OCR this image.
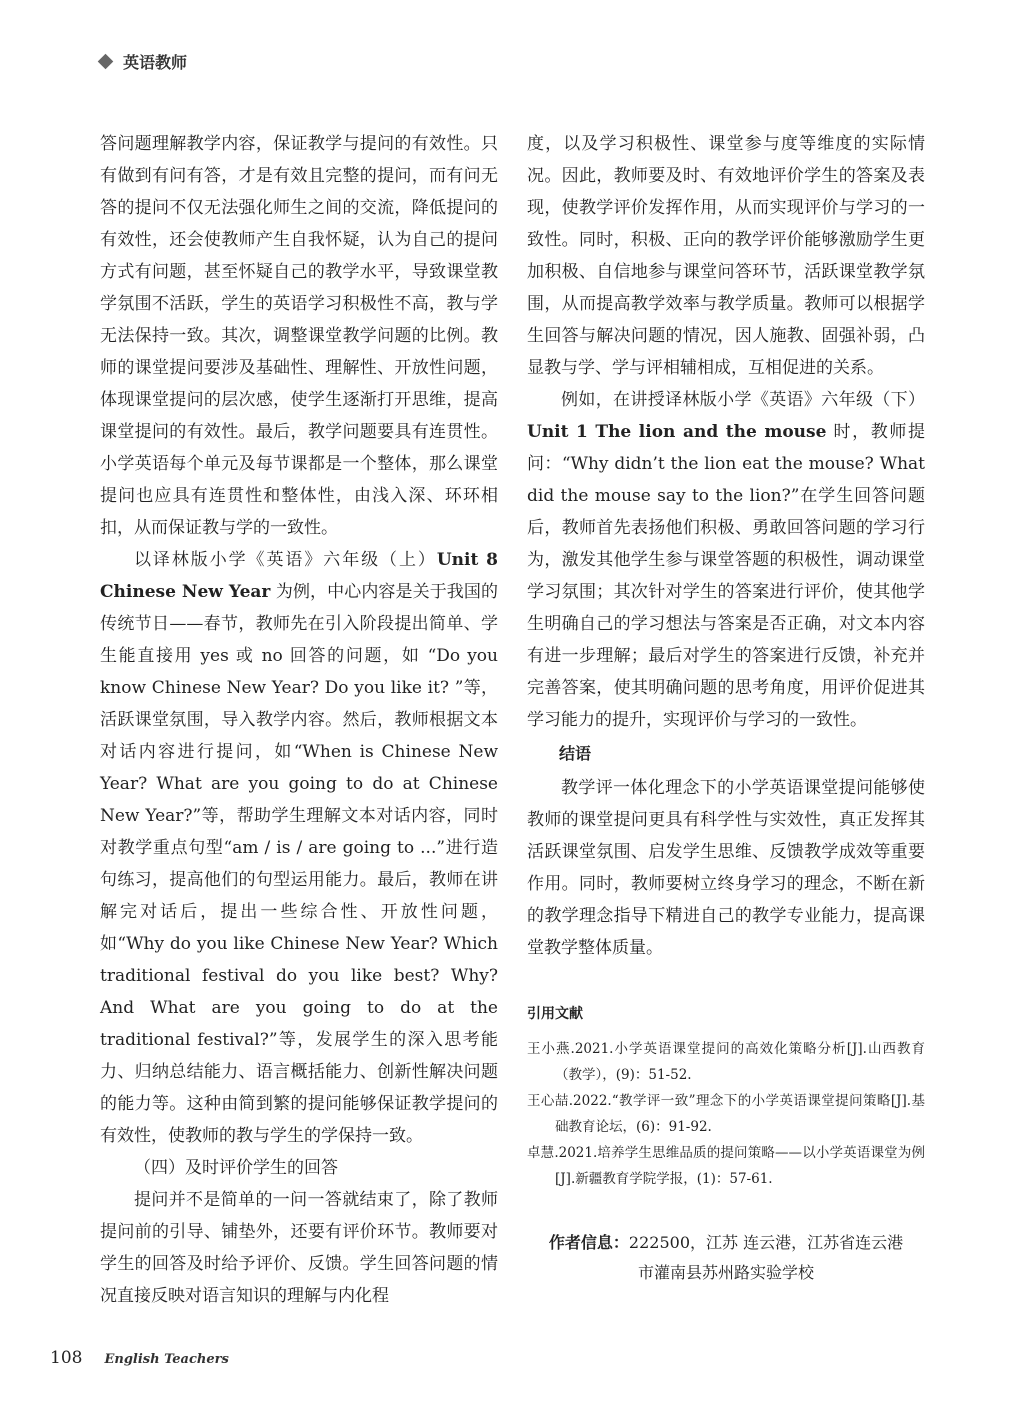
英语教师

答问题理解教学内容，保证教学与提问的有效性。只有做到有问有答，才是有效且完整的提问，而有问无答的提问不仅无法强化师生之间的交流，降低提问的有效性，还会使教师产生自我怀疑，认为自己的提问方式有问题，甚至怀疑自己的教学水平，导致课堂教学氛围不活跃，学生的英语学习积极性不高，教与学无法保持一致。其次，调整课堂教学问题的比例。教师的课堂提问要涉及基础性、理解性、开放性问题，体现课堂提问的层次感，使学生逐渐打开思维，提高课堂提问的有效性。最后，教学问题要具有连贯性。小学英语每个单元及每节课都是一个整体，那么课堂提问也应具有连贯性和整体性，由浅入深、环环相扣，从而保证教与学的一致性。

以译林版小学《英语》六年级（上）Unit 8 Chinese New Year 为例，中心内容是关于我国的传统节日——春节，教师先在引入阶段提出简单、学生能直接用 yes 或 no 回答的问题，如 “Do you know Chinese New Year? Do you like it? ”等，活跃课堂氛围，导入教学内容。然后，教师根据文本对话内容进行提问，如“When is Chinese New Year? What are you going to do at Chinese New Year?”等，帮助学生理解文本对话内容，同时对教学重点句型“am / is / are going to ...”进行造句练习，提高他们的句型运用能力。最后，教师在讲解完对话后，提出一些综合性、开放性问题，如“Why do you like Chinese New Year? Which traditional festival do you like best? Why? And What are you going to do at the traditional festival?”等，发展学生的深入思考能力、归纳总结能力、语言概括能力、创新性解决问题的能力等。这种由简到繁的提问能够保证教学提问的有效性，使教师的教与学生的学保持一致。

（四）及时评价学生的回答

提问并不是简单的一问一答就结束了，除了教师提问前的引导、铺垫外，还要有评价环节。教师要对学生的回答及时给予评价、反馈。学生回答问题的情况直接反映对语言知识的理解与内化程

度，以及学习积极性、课堂参与度等维度的实际情况。因此，教师要及时、有效地评价学生的答案及表现，使教学评价发挥作用，从而实现评价与学习的一致性。同时，积极、正向的教学评价能够激励学生更加积极、自信地参与课堂问答环节，活跃课堂教学氛围，从而提高教学效率与教学质量。教师可以根据学生回答与解决问题的情况，因人施教、固强补弱，凸显教与学、学与评相辅相成，互相促进的关系。

例如，在讲授译林版小学《英语》六年级（下）Unit 1 The lion and the mouse 时，教师提问：“Why didn’t the lion eat the mouse? What did the mouse say to the lion?”在学生回答问题后，教师首先表扬他们积极、勇敢回答问题的学习行为，激发其他学生参与课堂答题的积极性，调动课堂学习氛围；其次针对学生的答案进行评价，使其他学生明确自己的学习想法与答案是否正确，对文本内容有进一步理解；最后对学生的答案进行反馈，补充并完善答案，使其明确问题的思考角度，用评价促进其学习能力的提升，实现评价与学习的一致性。

结语

教学评一体化理念下的小学英语课堂提问能够使教师的课堂提问更具有科学性与实效性，真正发挥其活跃课堂氛围、启发学生思维、反馈教学成效等重要作用。同时，教师要树立终身学习的理念，不断在新的教学理念指导下精进自己的教学专业能力，提高课堂教学整体质量。

引用文献
王小燕.2021.小学英语课堂提问的高效化策略分析[J].山西教育（教学），(9)：51-52.
王心喆.2022.“教学评一致”理念下的小学英语课堂提问策略[J].基础教育论坛，(6)：91-92.
卓慧.2021.培养学生思维品质的提问策略——以小学英语课堂为例[J].新疆教育学院学报，(1)：57-61.
作者信息：222500，江苏 连云港，江苏省连云港
市灌南县苏州路实验学校
108 English Teachers
